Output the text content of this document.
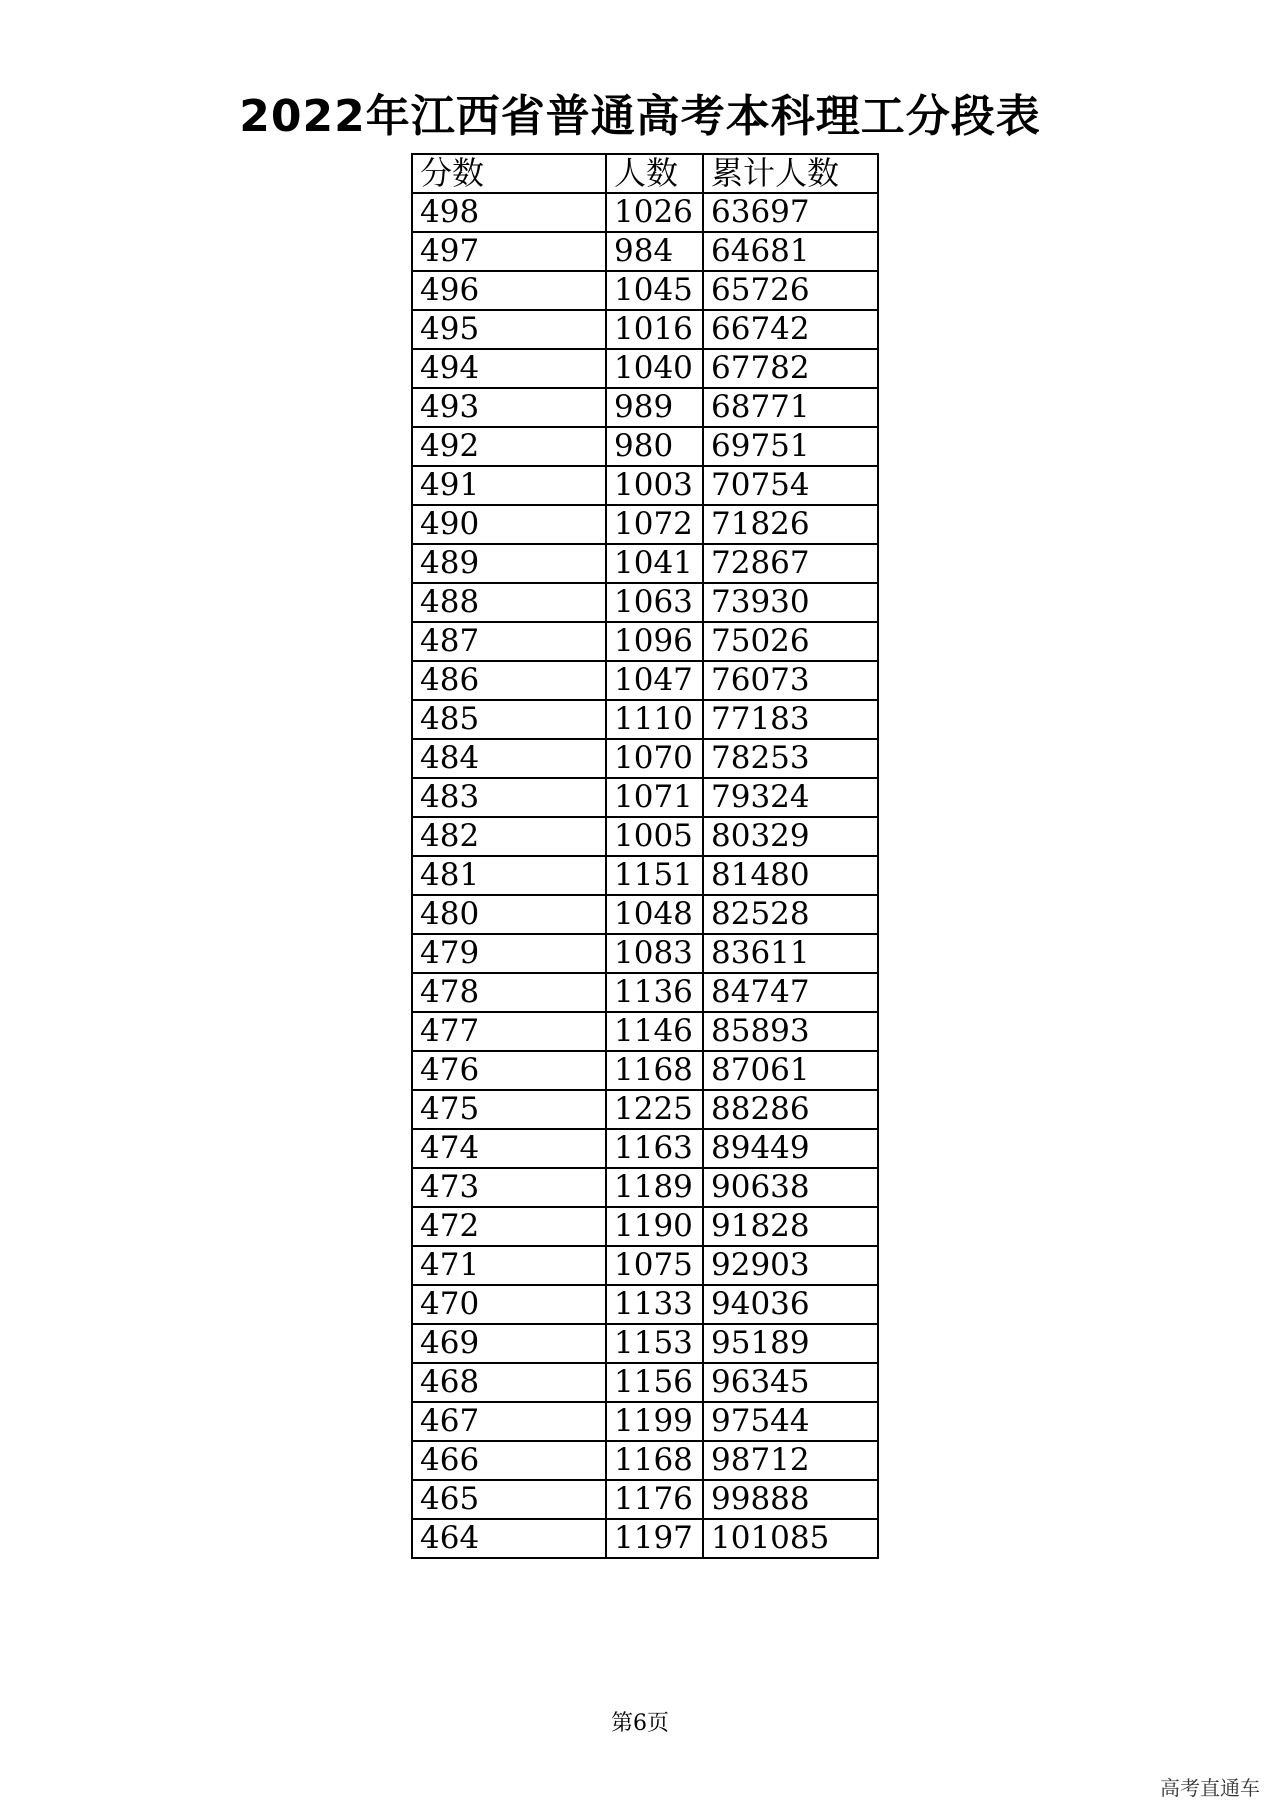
2022年江西省普通高考本科理工分段表
分数	人数	累计人数
498	1026	63697
497	984	64681
496	1045	65726
495	1016	66742
494	1040	67782
493	989	68771
492	980	69751
491	1003	70754
490	1072	71826
489	1041	72867
488	1063	73930
487	1096	75026
486	1047	76073
485	1110	77183
484	1070	78253
483	1071	79324
482	1005	80329
481	1151	81480
480	1048	82528
479	1083	83611
478	1136	84747
477	1146	85893
476	1168	87061
475	1225	88286
474	1163	89449
473	1189	90638
472	1190	91828
471	1075	92903
470	1133	94036
469	1153	95189
468	1156	96345
467	1199	97544
466	1168	98712
465	1176	99888
464	1197	101085
第6页
高考直通车
